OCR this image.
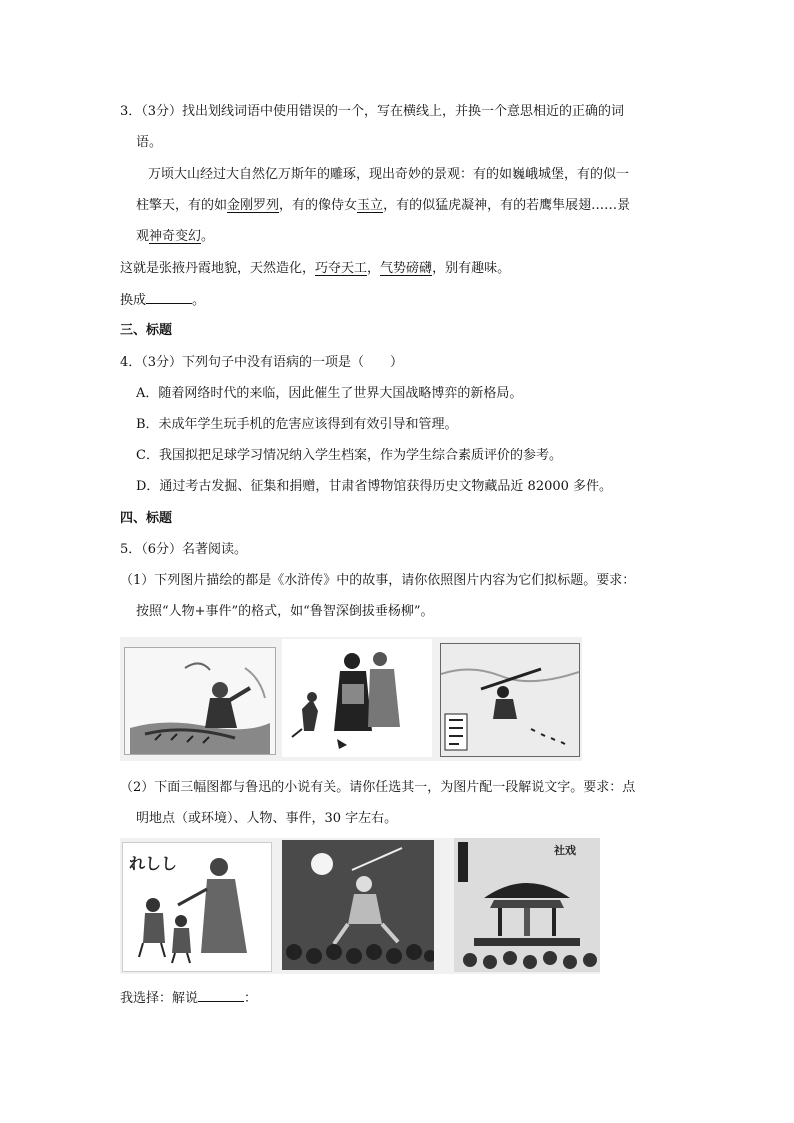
3．（3分）找出划线词语中使用错误的一个，写在横线上，并换一个意思相近的正确的词
语。
万顷大山经过大自然亿万斯年的雕琢，现出奇妙的景观：有的如巍峨城堡，有的似一
柱擎天，有的如金刚罗列，有的像侍女玉立，有的似猛虎凝神，有的若鹰隼展翅……景
观神奇变幻。
这就是张掖丹霞地貌，天然造化，巧夺天工，气势磅礴，别有趣味。
换成	。
三、标题
4．（3分）下列句子中没有语病的一项是（　　）
A．随着网络时代的来临，因此催生了世界大国战略博弈的新格局。
B．未成年学生玩手机的危害应该得到有效引导和管理。
C．我国拟把足球学习情况纳入学生档案，作为学生综合素质评价的参考。
D．通过考古发掘、征集和捐赠，甘肃省博物馆获得历史文物藏品近 82000 多件。
四、标题
5．（6分）名著阅读。
（1）下列图片描绘的都是《水浒传》中的故事，请你依照图片内容为它们拟标题。要求：
按照“人物+事件”的格式，如“鲁智深倒拔垂杨柳”。
（2）下面三幅图都与鲁迅的小说有关。请你任选其一，为图片配一段解说文字。要求：点
明地点（或环境）、人物、事件，30 字左右。
れしし
社戏
我选择：解说	：
